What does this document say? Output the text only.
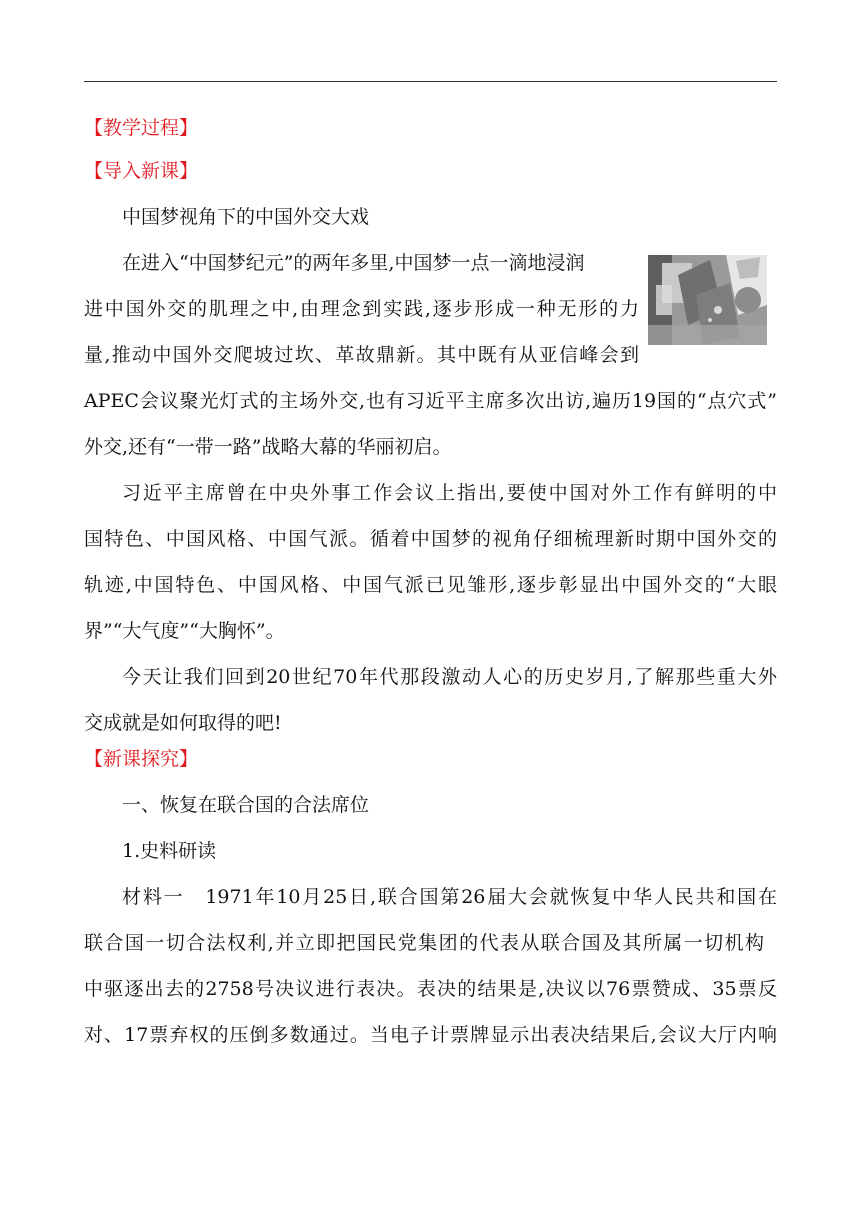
【教学过程】
【导入新课】
中国梦视角下的中国外交大戏
在进入“中国梦纪元”的两年多里,中国梦一点一滴地浸润
进中国外交的肌理之中,由理念到实践,逐步形成一种无形的力
量,推动中国外交爬坡过坎、革故鼎新。其中既有从亚信峰会到
APEC会议聚光灯式的主场外交,也有习近平主席多次出访,遍历19国的“点穴式”
外交,还有“一带一路”战略大幕的华丽初启。
习近平主席曾在中央外事工作会议上指出,要使中国对外工作有鲜明的中
国特色、中国风格、中国气派。循着中国梦的视角仔细梳理新时期中国外交的
轨迹,中国特色、中国风格、中国气派已见雏形,逐步彰显出中国外交的“大眼
界”“大气度”“大胸怀”。
今天让我们回到20世纪70年代那段激动人心的历史岁月,了解那些重大外
交成就是如何取得的吧!
【新课探究】
一、恢复在联合国的合法席位
1.史料研读
材料一　1971年10月25日,联合国第26届大会就恢复中华人民共和国在
联合国一切合法权利,并立即把国民党集团的代表从联合国及其所属一切机构
中驱逐出去的2758号决议进行表决。表决的结果是,决议以76票赞成、35票反
对、17票弃权的压倒多数通过。当电子计票牌显示出表决结果后,会议大厅内响
